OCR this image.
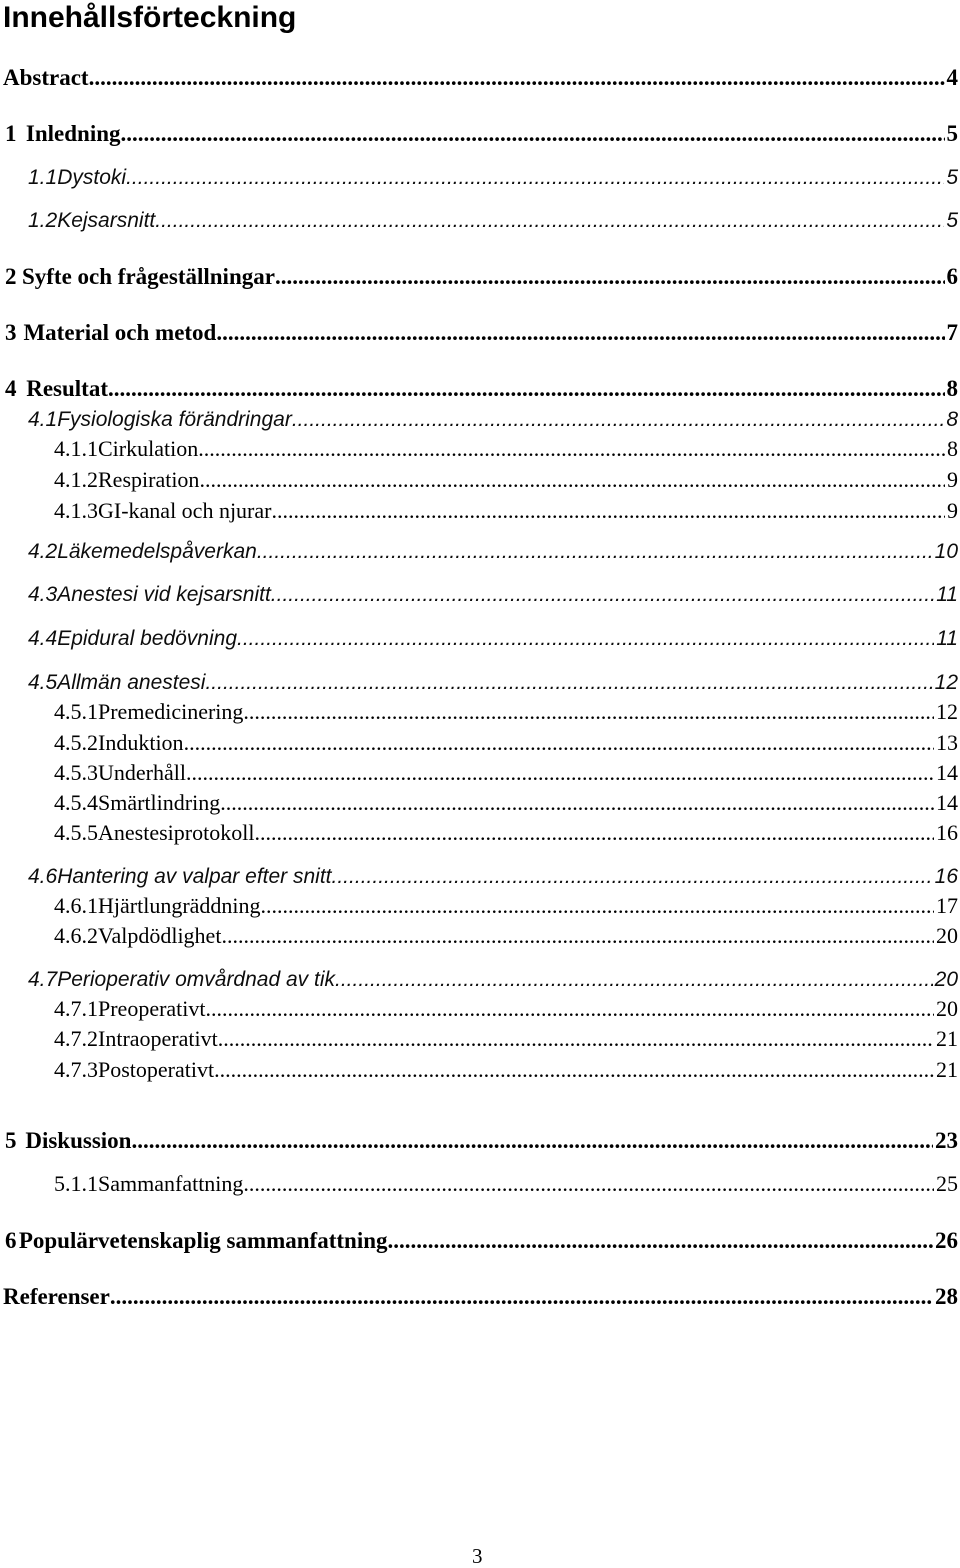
Innehållsförteckning
Abstract .....	4
1 Inledning .....	5
1.1 Dystoki .....	5
1.2 Kejsarsnitt .....	5
2 Syfte och frågeställningar .....	6
3 Material och metod .....	7
4 Resultat .....	8
4.1 Fysiologiska förändringar .....	8
4.1.1 Cirkulation .....	8
4.1.2 Respiration .....	9
4.1.3 GI-kanal och njurar .....	9
4.2 Läkemedelspåverkan .....	10
4.3 Anestesi vid kejsarsnitt .....	11
4.4 Epidural bedövning .....	11
4.5 Allmän anestesi .....	12
4.5.1 Premedicinering .....	12
4.5.2 Induktion .....	13
4.5.3 Underhåll .....	14
4.5.4 Smärtlindring .....	14
4.5.5 Anestesiprotokoll .....	16
4.6 Hantering av valpar efter snitt .....	16
4.6.1 Hjärtlungräddning .....	17
4.6.2 Valpdödlighet .....	20
4.7 Perioperativ omvårdnad av tik .....	20
4.7.1 Preoperativt .....	20
4.7.2 Intraoperativt .....	21
4.7.3 Postoperativt .....	21
5 Diskussion .....	23
5.1.1 Sammanfattning .....	25
6 Populärvetenskaplig sammanfattning .....	26
Referenser .....	28
3
